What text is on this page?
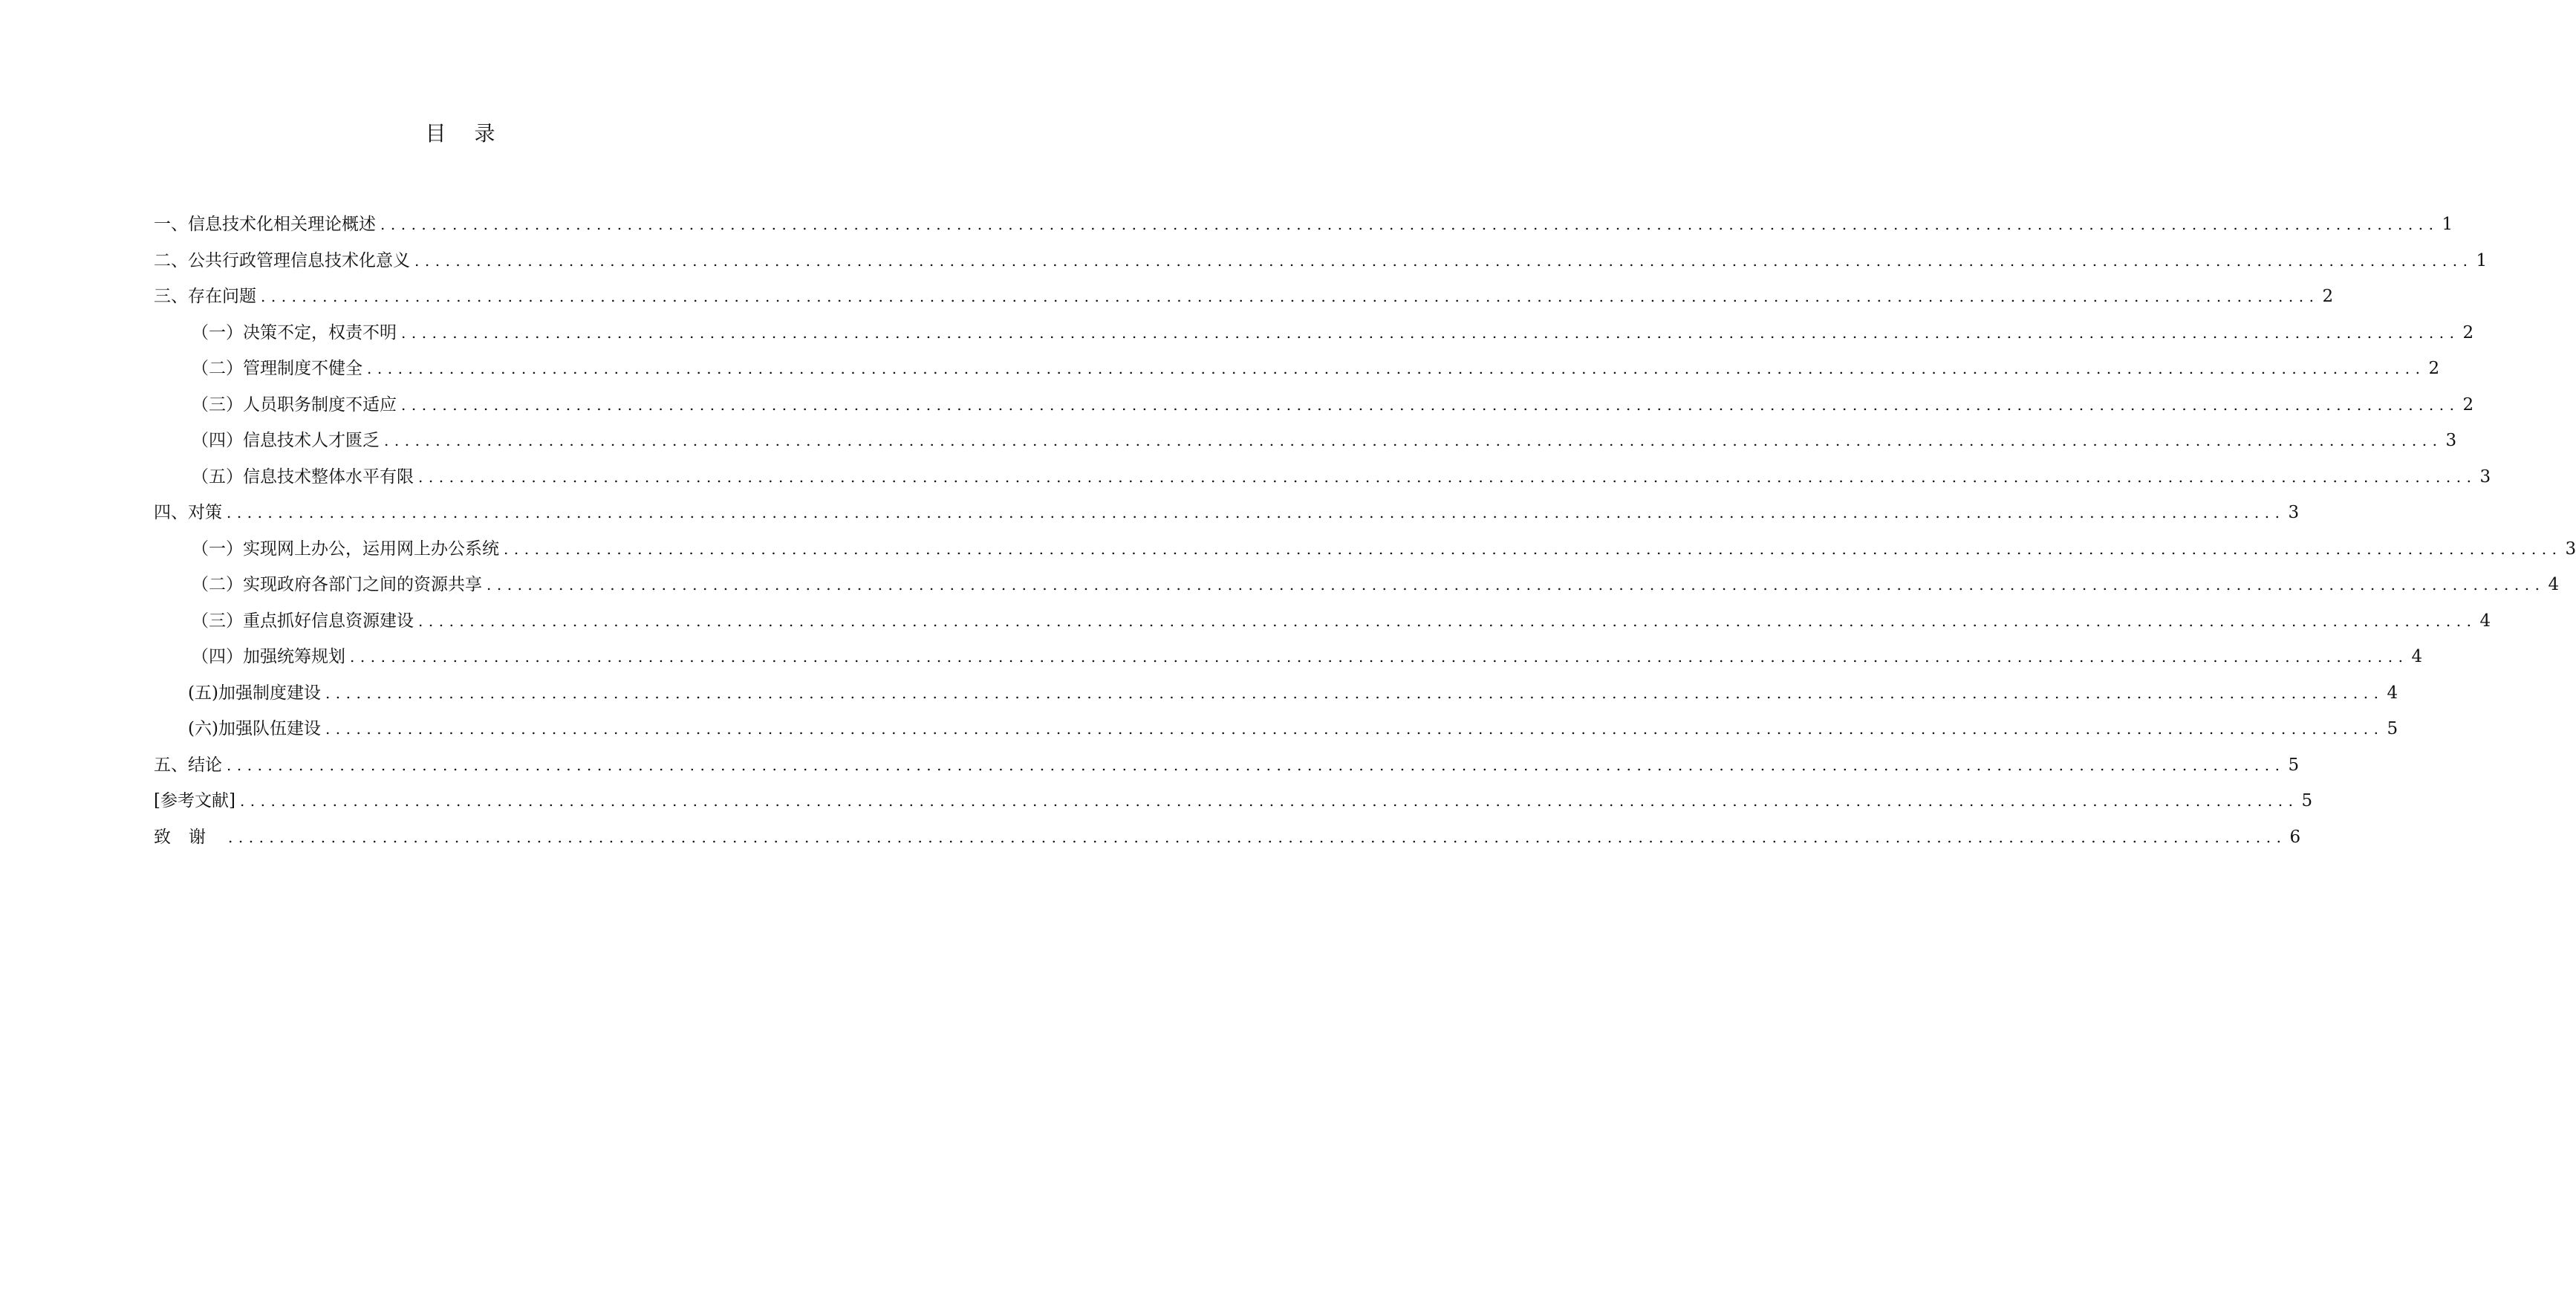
目 录
一、信息技术化相关理论概述 ........................................................................................................................................................................................................ 1
二、公共行政管理信息技术化意义 ........................................................................................................................................................................................................ 1
三、存在问题 ........................................................................................................................................................................................................ 2
（一）决策不定，权责不明 ........................................................................................................................................................................................................ 2
（二）管理制度不健全 ........................................................................................................................................................................................................ 2
（三）人员职务制度不适应 ........................................................................................................................................................................................................ 2
（四）信息技术人才匮乏 ........................................................................................................................................................................................................ 3
（五）信息技术整体水平有限 ........................................................................................................................................................................................................ 3
四、对策 ........................................................................................................................................................................................................ 3
（一）实现网上办公，运用网上办公系统 ........................................................................................................................................................................................................ 3
（二）实现政府各部门之间的资源共享 ........................................................................................................................................................................................................ 4
（三）重点抓好信息资源建设 ........................................................................................................................................................................................................ 4
（四）加强统筹规划 ........................................................................................................................................................................................................ 4
(五)加强制度建设 ........................................................................................................................................................................................................ 4
(六)加强队伍建设 ........................................................................................................................................................................................................ 5
五、结论 ........................................................................................................................................................................................................ 5
[参考文献] ........................................................................................................................................................................................................ 5
致谢 ........................................................................................................................................................................................................ 6
